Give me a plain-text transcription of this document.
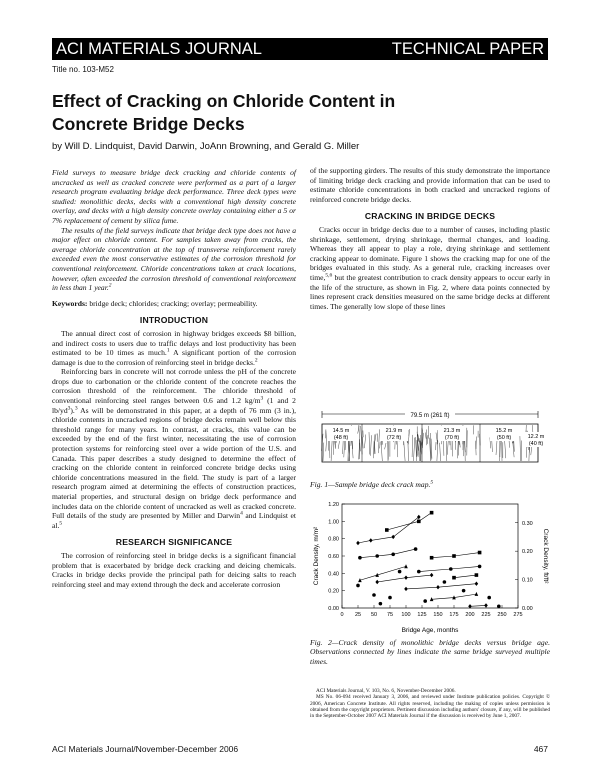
ACI MATERIALS JOURNAL	TECHNICAL PAPER
Title no. 103-M52
Effect of Cracking on Chloride Content in
Concrete Bridge Decks
by Will D. Lindquist, David Darwin, JoAnn Browning, and Gerald G. Miller

Field surveys to measure bridge deck cracking and chloride contents of uncracked as well as cracked concrete were performed as a part of a larger research program evaluating bridge deck performance. Three deck types were studied: monolithic decks, decks with a conventional high density concrete overlay, and decks with a high density concrete overlay containing either a 5 or 7% replacement of cement by silica fume.

The results of the field surveys indicate that bridge deck type does not have a major effect on chloride content. For samples taken away from cracks, the average chloride concentration at the top of transverse reinforcement rarely exceeded even the most conservative estimates of the corrosion threshold for conventional reinforcement. Chloride concentrations taken at crack locations, however, often exceeded the corrosion threshold of conventional reinforcement in less than 1 year.$^2$

Keywords: bridge deck; chlorides; cracking; overlay; permeability.

INTRODUCTION

The annual direct cost of corrosion in highway bridges exceeds $8 billion, and indirect costs to users due to traffic delays and lost productivity has been estimated to be 10 times as much.$^1$ A significant portion of the corrosion damage is due to the corrosion of reinforcing steel in bridge decks.$^2$

Reinforcing bars in concrete will not corrode unless the pH of the concrete drops due to carbonation or the chloride content of the concrete reaches the corrosion threshold of the reinforcement. The chloride threshold of conventional reinforcing steel ranges between 0.6 and 1.2 $kg/m^3$ (1 and 2 $lb/yd^3).^3$ As will be demonstrated in this paper, at a depth of 76 mm (3 in.), chloride contents in uncracked regions of bridge decks remain well below this threshold range for many years. In contrast, at cracks, this value can be exceeded by the end of the first winter, necessitating the use of corrosion protection systems for reinforcing steel over a wide portion of the U.S. and Canada. This paper describes a study designed to determine the effect of cracking on the chloride content in reinforced concrete bridge decks using chloride concentrations measured in the field. The study is part of a larger research program aimed at determining the effects of construction practices, material properties, and structural design on bridge deck performance and includes data on the chloride content of uncracked as well as cracked concrete. Full details of the study are presented by Miller and Darwin$^4$ and Lindquist et al.$^5$

RESEARCH SIGNIFICANCE

The corrosion of reinforcing steel in bridge decks is a significant financial problem that is exacerbated by bridge deck cracking and deicing chemicals. Cracks in bridge decks provide the principal path for deicing salts to reach reinforcing steel and may extend through the deck and accelerate corrosion

of the supporting girders. The results of this study demonstrate the importance of limiting bridge deck cracking and provide information that can be used to estimate chloride concentrations in both cracked and uncracked regions of reinforced concrete bridge decks.

CRACKING IN BRIDGE DECKS

Cracks occur in bridge decks due to a number of causes, including plastic shrinkage, settlement, drying shrinkage, thermal changes, and loading. Whereas they all appear to play a role, drying shrinkage and settlement cracking appear to dominate. Figure 1 shows the cracking map for one of the bridges evaluated in this study. As a general rule, cracking increases over time,$^{5,6}$ but the greatest contribution to crack density appears to occur early in the life of the structure, as shown in Fig. 2, where data points connected by lines represent crack densities measured on the same bridge decks at different times. The generally low slope of these lines

79.5 m (261 ft)
14.5 m
(48 ft)
21.9 m
(72 ft)
21.3 m
(70 ft)
15.2 m
(50 ft)	12.2 m
(40 ft)
Fig. 1—Sample bridge deck crack map.$^5$
0.00
0.20
0.40
0.60
0.80
1.00
1.20
0.00
0.10
0.20
0.30
0 25 50 75 100 125 150 175 200 225 250 275
Bridge Age, months
Crack Density, m/m²	Crack Density, ft/ft²
Fig. 2—Crack density of monolithic bridge decks versus bridge age. Observations connected by lines indicate the same bridge surveyed multiple times.

ACI Materials Journal, V. 103, No. 6, November-December 2006.

MS No. 06-094 received January 3, 2006, and reviewed under Institute publication policies. Copyright © 2006, American Concrete Institute. All rights reserved, including the making of copies unless permission is obtained from the copyright proprietors. Pertinent discussion including authors' closure, if any, will be published in the September-October 2007 ACI Materials Journal if the discussion is received by June 1, 2007.

ACI Materials Journal/November-December 2006	467
